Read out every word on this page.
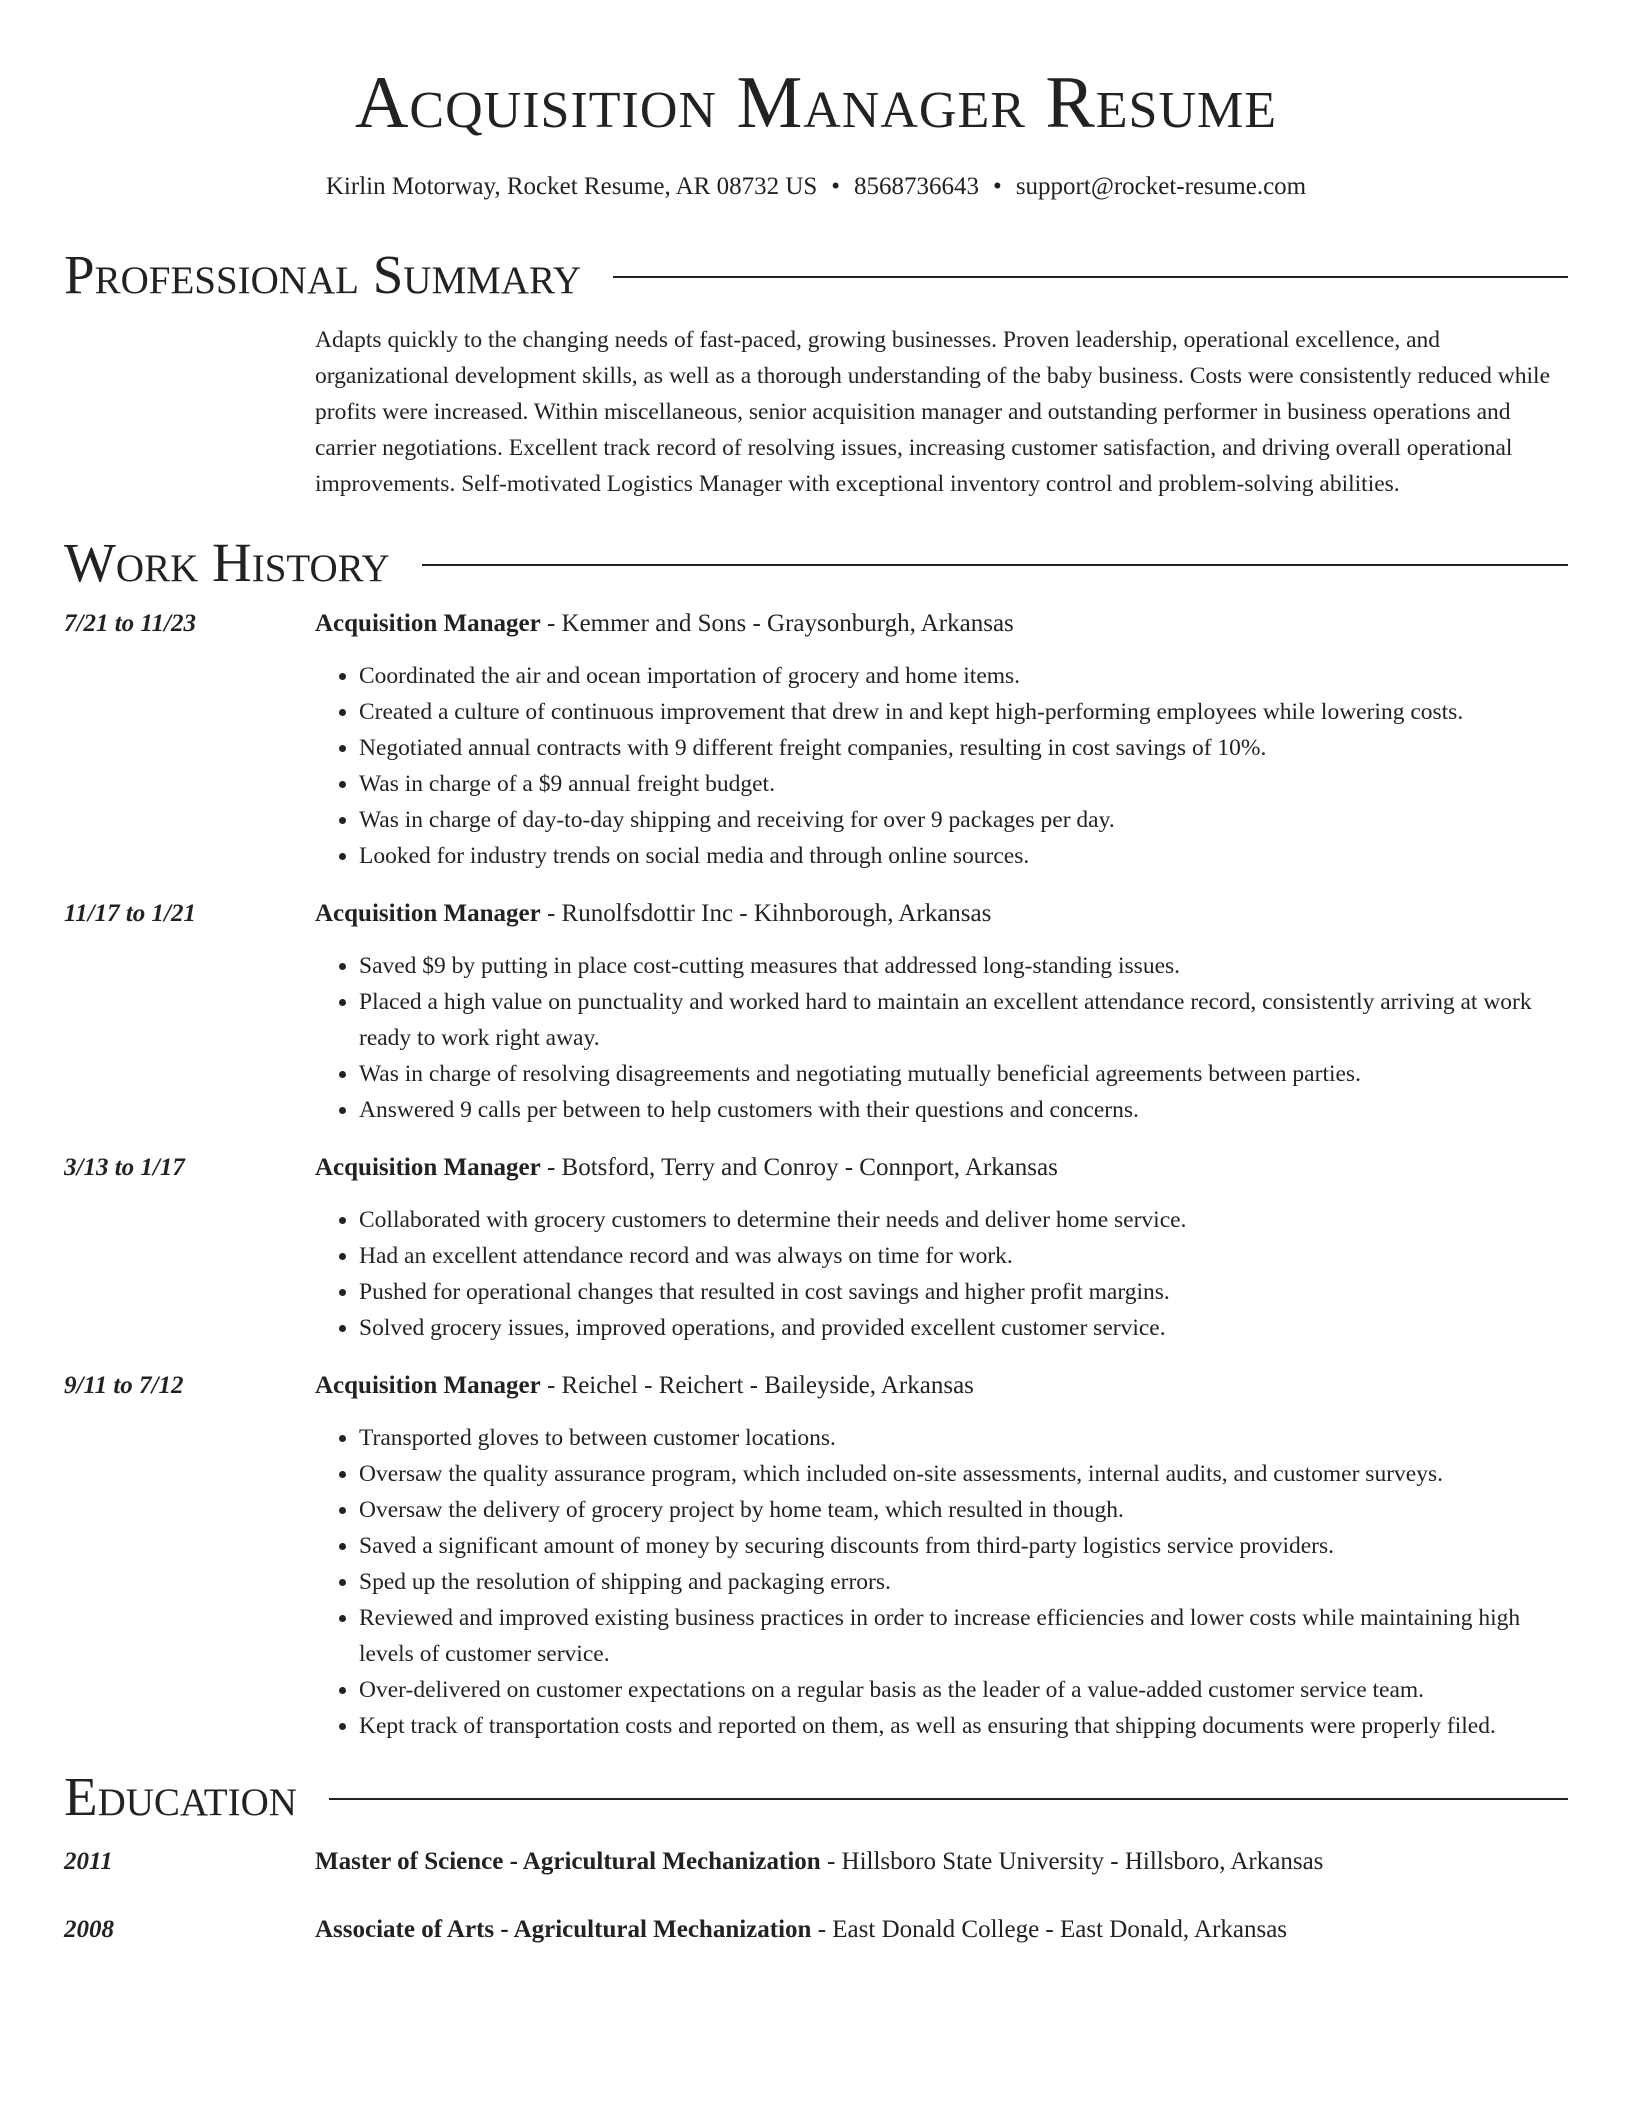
Acquisition Manager Resume
Kirlin Motorway, Rocket Resume, AR 08732 US • 8568736643 • support@rocket-resume.com
Professional Summary
Adapts quickly to the changing needs of fast-paced, growing businesses. Proven leadership, operational excellence, and organizational development skills, as well as a thorough understanding of the baby business. Costs were consistently reduced while profits were increased. Within miscellaneous, senior acquisition manager and outstanding performer in business operations and carrier negotiations. Excellent track record of resolving issues, increasing customer satisfaction, and driving overall operational improvements. Self-motivated Logistics Manager with exceptional inventory control and problem-solving abilities.
Work History
7/21 to 11/23	Acquisition Manager - Kemmer and Sons - Graysonburgh, Arkansas
• Coordinated the air and ocean importation of grocery and home items.
• Created a culture of continuous improvement that drew in and kept high-performing employees while lowering costs.
• Negotiated annual contracts with 9 different freight companies, resulting in cost savings of 10%.
• Was in charge of a $9 annual freight budget.
• Was in charge of day-to-day shipping and receiving for over 9 packages per day.
• Looked for industry trends on social media and through online sources.
11/17 to 1/21	Acquisition Manager - Runolfsdottir Inc - Kihnborough, Arkansas
• Saved $9 by putting in place cost-cutting measures that addressed long-standing issues.
• Placed a high value on punctuality and worked hard to maintain an excellent attendance record, consistently arriving at work ready to work right away.
• Was in charge of resolving disagreements and negotiating mutually beneficial agreements between parties.
• Answered 9 calls per between to help customers with their questions and concerns.
3/13 to 1/17	Acquisition Manager - Botsford, Terry and Conroy - Connport, Arkansas
• Collaborated with grocery customers to determine their needs and deliver home service.
• Had an excellent attendance record and was always on time for work.
• Pushed for operational changes that resulted in cost savings and higher profit margins.
• Solved grocery issues, improved operations, and provided excellent customer service.
9/11 to 7/12	Acquisition Manager - Reichel - Reichert - Baileyside, Arkansas
• Transported gloves to between customer locations.
• Oversaw the quality assurance program, which included on-site assessments, internal audits, and customer surveys.
• Oversaw the delivery of grocery project by home team, which resulted in though.
• Saved a significant amount of money by securing discounts from third-party logistics service providers.
• Sped up the resolution of shipping and packaging errors.
• Reviewed and improved existing business practices in order to increase efficiencies and lower costs while maintaining high levels of customer service.
• Over-delivered on customer expectations on a regular basis as the leader of a value-added customer service team.
• Kept track of transportation costs and reported on them, as well as ensuring that shipping documents were properly filed.
Education
2011	Master of Science - Agricultural Mechanization - Hillsboro State University - Hillsboro, Arkansas
2008	Associate of Arts - Agricultural Mechanization - East Donald College - East Donald, Arkansas
